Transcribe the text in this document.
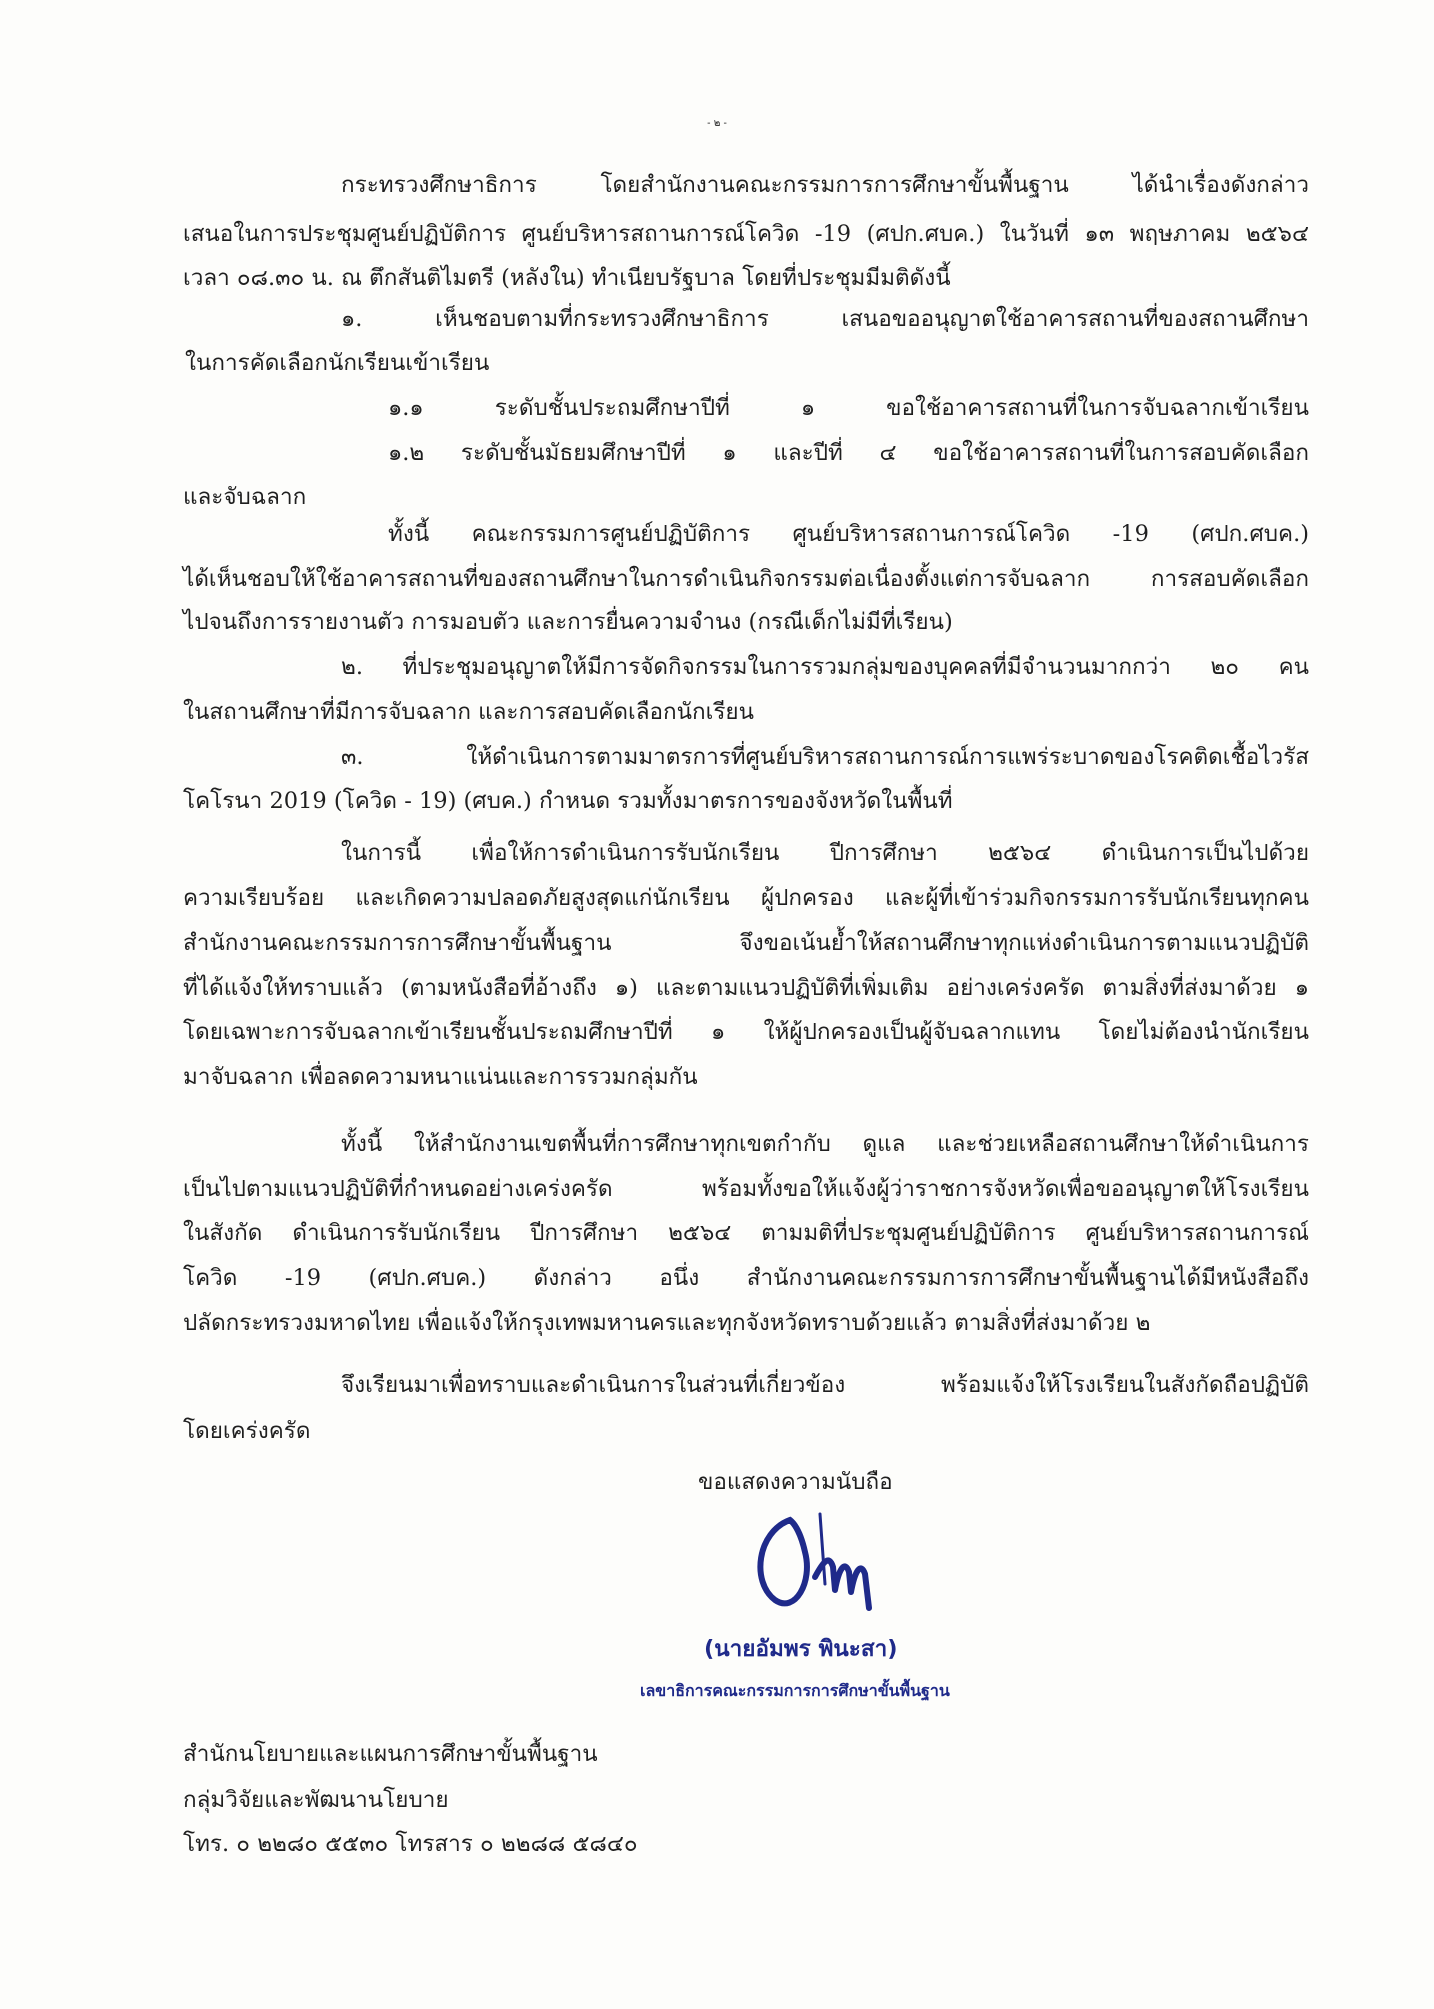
- ๒ -
กระทรวงศึกษาธิการ โดยสำนักงานคณะกรรมการการศึกษาขั้นพื้นฐาน ได้นำเรื่องดังกล่าว
เสนอในการประชุมศูนย์ปฏิบัติการ ศูนย์บริหารสถานการณ์โควิด -19 (ศปก.ศบค.) ในวันที่ ๑๓ พฤษภาคม ๒๕๖๔
เวลา ๐๘.๓๐ น. ณ ตึกสันติไมตรี (หลังใน) ทำเนียบรัฐบาล โดยที่ประชุมมีมติดังนี้
๑. เห็นชอบตามที่กระทรวงศึกษาธิการ เสนอขออนุญาตใช้อาคารสถานที่ของสถานศึกษา
ในการคัดเลือกนักเรียนเข้าเรียน
๑.๑ ระดับชั้นประถมศึกษาปีที่ ๑ ขอใช้อาคารสถานที่ในการจับฉลากเข้าเรียน
๑.๒ ระดับชั้นมัธยมศึกษาปีที่ ๑ และปีที่ ๔ ขอใช้อาคารสถานที่ในการสอบคัดเลือก
และจับฉลาก
ทั้งนี้ คณะกรรมการศูนย์ปฏิบัติการ ศูนย์บริหารสถานการณ์โควิด -19 (ศปก.ศบค.)
ได้เห็นชอบให้ใช้อาคารสถานที่ของสถานศึกษาในการดำเนินกิจกรรมต่อเนื่องตั้งแต่การจับฉลาก การสอบคัดเลือก
ไปจนถึงการรายงานตัว การมอบตัว และการยื่นความจำนง (กรณีเด็กไม่มีที่เรียน)
๒. ที่ประชุมอนุญาตให้มีการจัดกิจกรรมในการรวมกลุ่มของบุคคลที่มีจำนวนมากกว่า ๒๐ คน
ในสถานศึกษาที่มีการจับฉลาก และการสอบคัดเลือกนักเรียน
๓. ให้ดำเนินการตามมาตรการที่ศูนย์บริหารสถานการณ์การแพร่ระบาดของโรคติดเชื้อไวรัส
โคโรนา 2019 (โควิด - 19) (ศบค.) กำหนด รวมทั้งมาตรการของจังหวัดในพื้นที่
ในการนี้ เพื่อให้การดำเนินการรับนักเรียน ปีการศึกษา ๒๕๖๔ ดำเนินการเป็นไปด้วย
ความเรียบร้อย และเกิดความปลอดภัยสูงสุดแก่นักเรียน ผู้ปกครอง และผู้ที่เข้าร่วมกิจกรรมการรับนักเรียนทุกคน
สำนักงานคณะกรรมการการศึกษาขั้นพื้นฐาน จึงขอเน้นย้ำให้สถานศึกษาทุกแห่งดำเนินการตามแนวปฏิบัติ
ที่ได้แจ้งให้ทราบแล้ว (ตามหนังสือที่อ้างถึง ๑) และตามแนวปฏิบัติที่เพิ่มเติม อย่างเคร่งครัด ตามสิ่งที่ส่งมาด้วย ๑
โดยเฉพาะการจับฉลากเข้าเรียนชั้นประถมศึกษาปีที่ ๑ ให้ผู้ปกครองเป็นผู้จับฉลากแทน โดยไม่ต้องนำนักเรียน
มาจับฉลาก เพื่อลดความหนาแน่นและการรวมกลุ่มกัน
ทั้งนี้ ให้สำนักงานเขตพื้นที่การศึกษาทุกเขตกำกับ ดูแล และช่วยเหลือสถานศึกษาให้ดำเนินการ
เป็นไปตามแนวปฏิบัติที่กำหนดอย่างเคร่งครัด พร้อมทั้งขอให้แจ้งผู้ว่าราชการจังหวัดเพื่อขออนุญาตให้โรงเรียน
ในสังกัด ดำเนินการรับนักเรียน ปีการศึกษา ๒๕๖๔ ตามมติที่ประชุมศูนย์ปฏิบัติการ ศูนย์บริหารสถานการณ์
โควิด -19 (ศปก.ศบค.) ดังกล่าว อนึ่ง สำนักงานคณะกรรมการการศึกษาขั้นพื้นฐานได้มีหนังสือถึง
ปลัดกระทรวงมหาดไทย เพื่อแจ้งให้กรุงเทพมหานครและทุกจังหวัดทราบด้วยแล้ว ตามสิ่งที่ส่งมาด้วย ๒
จึงเรียนมาเพื่อทราบและดำเนินการในส่วนที่เกี่ยวข้อง พร้อมแจ้งให้โรงเรียนในสังกัดถือปฏิบัติ
โดยเคร่งครัด
ขอแสดงความนับถือ
(นายอัมพร พินะสา)
เลขาธิการคณะกรรมการการศึกษาขั้นพื้นฐาน
สำนักนโยบายและแผนการศึกษาขั้นพื้นฐาน
กลุ่มวิจัยและพัฒนานโยบาย
โทร. ๐ ๒๒๘๐ ๕๕๓๐ โทรสาร ๐ ๒๒๘๘ ๕๘๔๐
